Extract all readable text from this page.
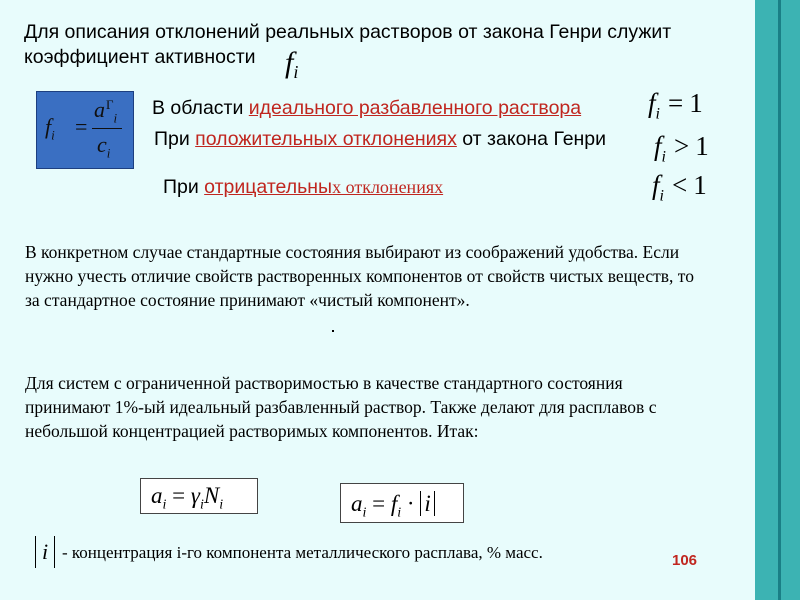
Для описания отклонений реальных растворов от закона Генри служит коэффициент активности $f_i$
$f_i$ =
$a^Г_i$
$c_i$
В области идеального разбавленного раствора
При положительных отклонениях от закона Генри
При отрицательных отклонениях
$f_i = 1$
$f_i > 1$
$f_i < 1$
В конкретном случае стандартные состояния выбирают из соображений удобства. Если нужно учесть отличие свойств растворенных компонентов от свойств чистых веществ, то за стандартное состояние принимают «чистый компонент».
Для систем с ограниченной растворимостью в качестве стандартного состояния принимают 1%-ый идеальный разбавленный раствор. Также делают для расплавов с небольшой концентрацией растворимых компонентов. Итак:
$a_i = \gamma_iN_i$	$a_i = f_i \cdot i$
i - концентрация i-го компонента металлического расплава, % масс.	106
